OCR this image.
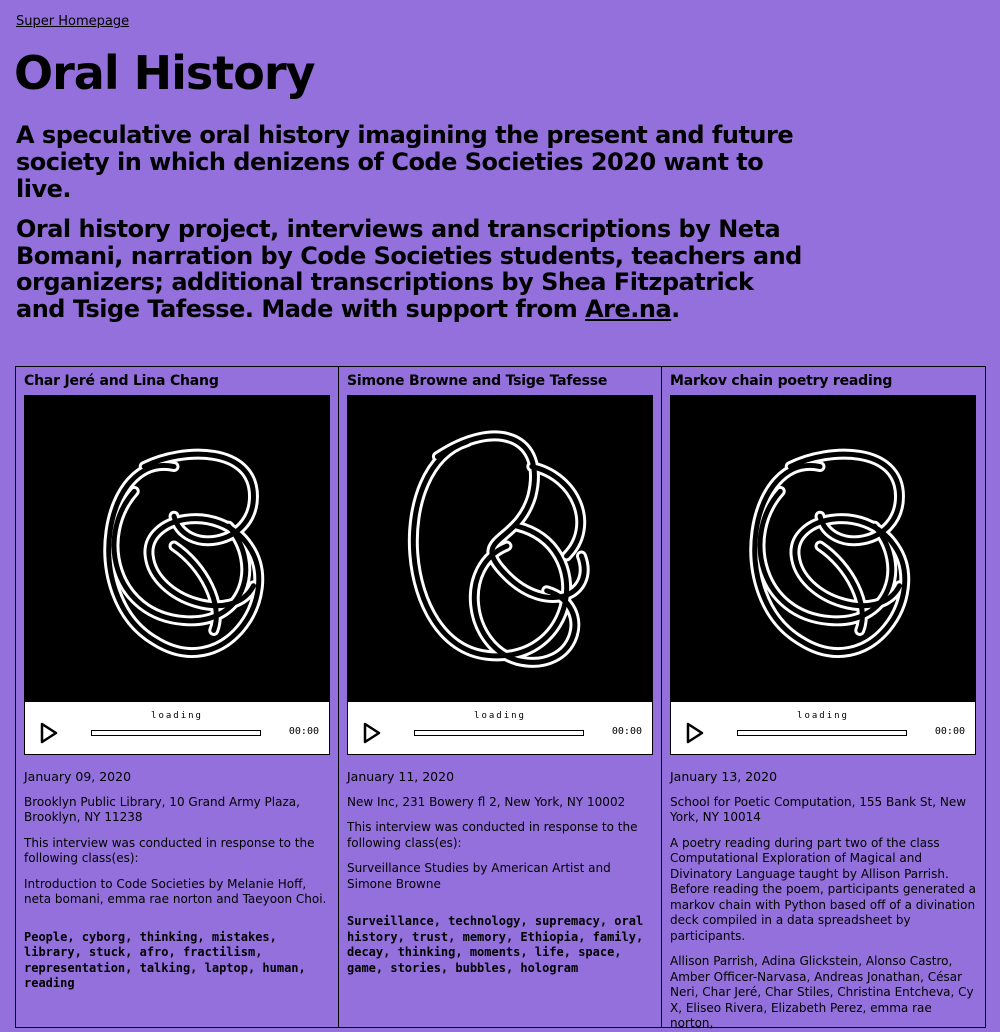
Super Homepage
Oral History

A speculative oral history imagining the present and future society in which denizens of Code Societies 2020 want to live.

Oral history project, interviews and transcriptions by Neta Bomani, narration by Code Societies students, teachers and organizers; additional transcriptions by Shea Fitzpatrick and Tsige Tafesse. Made with support from Are.na.

Char Jeré and Lina Chang
loading
00:00

January 09, 2020

Brooklyn Public Library, 10 Grand Army Plaza, Brooklyn, NY 11238

This interview was conducted in response to the following class(es):

Introduction to Code Societies by Melanie Hoff, neta bomani, emma rae norton and Taeyoon Choi.

People, cyborg, thinking, mistakes, library, stuck, afro, fractilism, representation, talking, laptop, human, reading

Simone Browne and Tsige Tafesse
loading
00:00

January 11, 2020

New Inc, 231 Bowery fl 2, New York, NY 10002

This interview was conducted in response to the following class(es):

Surveillance Studies by American Artist and Simone Browne

Surveillance, technology, supremacy, oral history, trust, memory, Ethiopia, family, decay, thinking, moments, life, space, game, stories, bubbles, hologram

Markov chain poetry reading
loading
00:00

January 13, 2020

School for Poetic Computation, 155 Bank St, New York, NY 10014

A poetry reading during part two of the class Computational Exploration of Magical and Divinatory Language taught by Allison Parrish. Before reading the poem, participants generated a markov chain with Python based off of a divination deck compiled in a data spreadsheet by participants.

Allison Parrish, Adina Glickstein, Alonso Castro, Amber Officer-Narvasa, Andreas Jonathan, César Neri, Char Jeré, Char Stiles, Christina Entcheva, Cy X, Eliseo Rivera, Elizabeth Perez, emma rae norton,
